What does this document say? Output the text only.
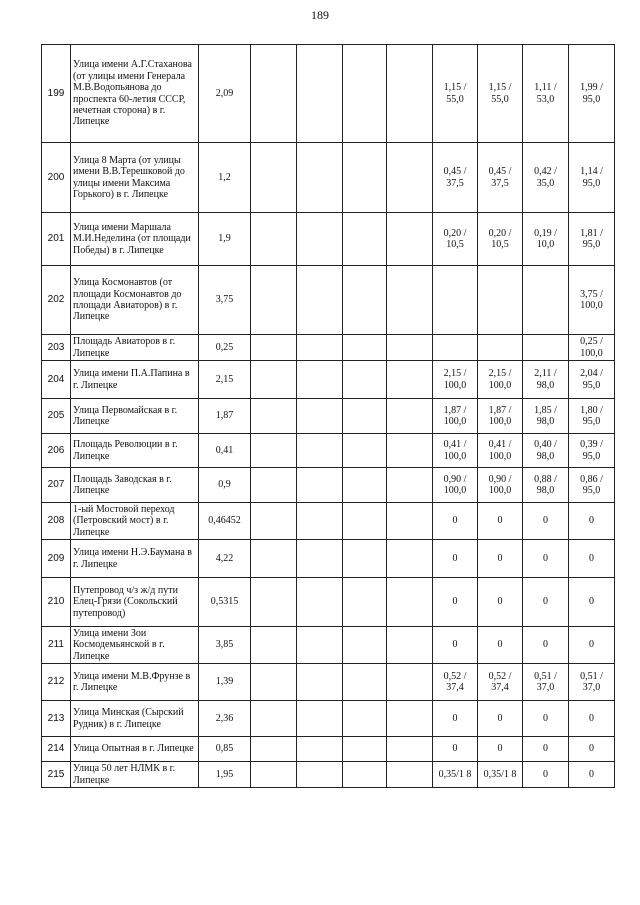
189
199	Улица имени А.Г.Стаханова (от улицы имени Генерала М.В.Водопьянова до проспекта 60-летия СССР, нечетная сторона) в г. Липецке	2,09					1,15 / 55,0	1,15 / 55,0	1,11 / 53,0	1,99 / 95,0
200	Улица 8 Марта (от улицы имени В.В.Терешковой до улицы имени Максима Горького) в г. Липецке	1,2					0,45 / 37,5	0,45 / 37,5	0,42 / 35,0	1,14 / 95,0
201	Улица имени Маршала М.И.Неделина (от площади Победы) в г. Липецке	1,9					0,20 / 10,5	0,20 / 10,5	0,19 / 10,0	1,81 / 95,0
202	Улица Космонавтов (от площади Космонавтов до площади Авиаторов) в г. Липецке	3,75								3,75 / 100,0
203	Площадь Авиаторов в г. Липецке	0,25								0,25 / 100,0
204	Улица имени П.А.Папина в г. Липецке	2,15					2,15 / 100,0	2,15 / 100,0	2,11 / 98,0	2,04 / 95,0
205	Улица Первомайская в г. Липецке	1,87					1,87 / 100,0	1,87 / 100,0	1,85 / 98,0	1,80 / 95,0
206	Площадь Революции в г. Липецке	0,41					0,41 / 100,0	0,41 / 100,0	0,40 / 98,0	0,39 / 95,0
207	Площадь Заводская в г. Липецке	0,9					0,90 / 100,0	0,90 / 100,0	0,88 / 98,0	0,86 / 95,0
208	1-ый Мостовой переход (Петровский мост) в г. Липецке	0,46452					0	0	0	0
209	Улица имени Н.Э.Баумана в г. Липецке	4,22					0	0	0	0
210	Путепровод ч/з ж/д пути Елец-Грязи (Сокольский путепровод)	0,5315					0	0	0	0
211	Улица имени Зои Космодемьянской в г. Липецке	3,85					0	0	0	0
212	Улица имени М.В.Фрунзе в г. Липецке	1,39					0,52 / 37,4	0,52 / 37,4	0,51 / 37,0	0,51 / 37,0
213	Улица Минская (Сырский Рудник) в г. Липецке	2,36					0	0	0	0
214	Улица Опытная в г. Липецке	0,85					0	0	0	0
215	Улица 50 лет НЛМК в г. Липецке	1,95					0,35/1 8	0,35/1 8	0	0
